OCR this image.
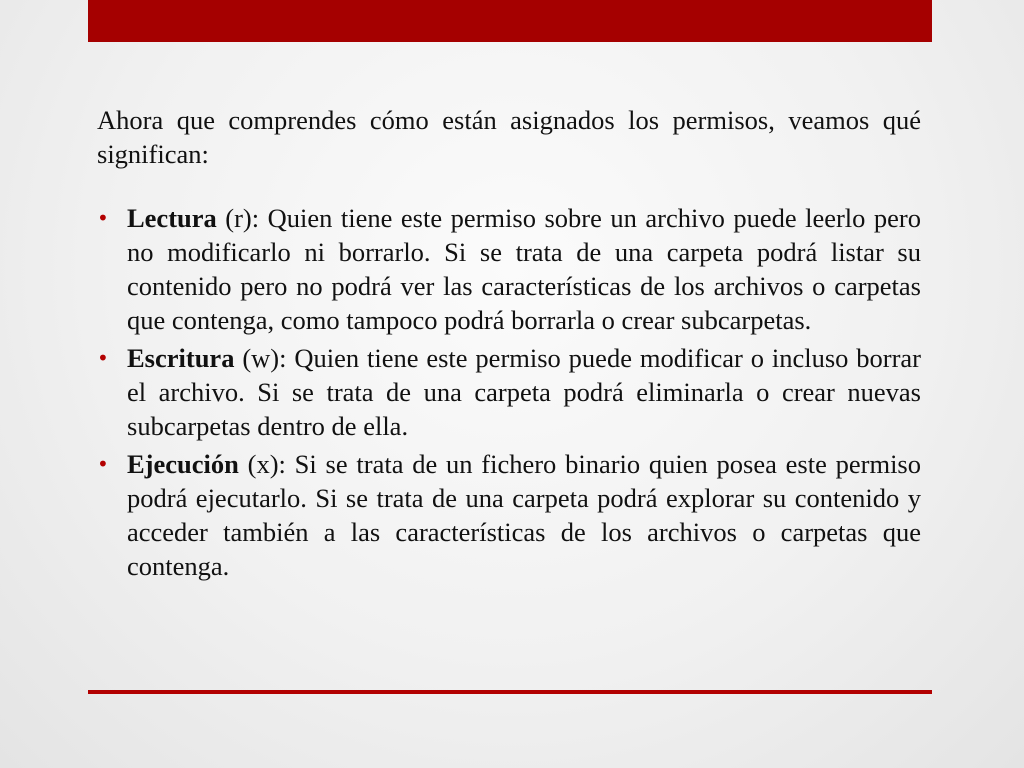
Ahora que comprendes cómo están asignados los permisos, veamos qué significan:

• Lectura (r): Quien tiene este permiso sobre un archivo puede leerlo pero no modificarlo ni borrarlo. Si se trata de una carpeta podrá listar su contenido pero no podrá ver las características de los archivos o carpetas que contenga, como tampoco podrá borrarla o crear subcarpetas.
• Escritura (w): Quien tiene este permiso puede modificar o incluso borrar el archivo. Si se trata de una carpeta podrá eliminarla o crear nuevas subcarpetas dentro de ella.
• Ejecución (x): Si se trata de un fichero binario quien posea este permiso podrá ejecutarlo. Si se trata de una carpeta podrá explorar su contenido y acceder también a las características de los archivos o carpetas que contenga.
